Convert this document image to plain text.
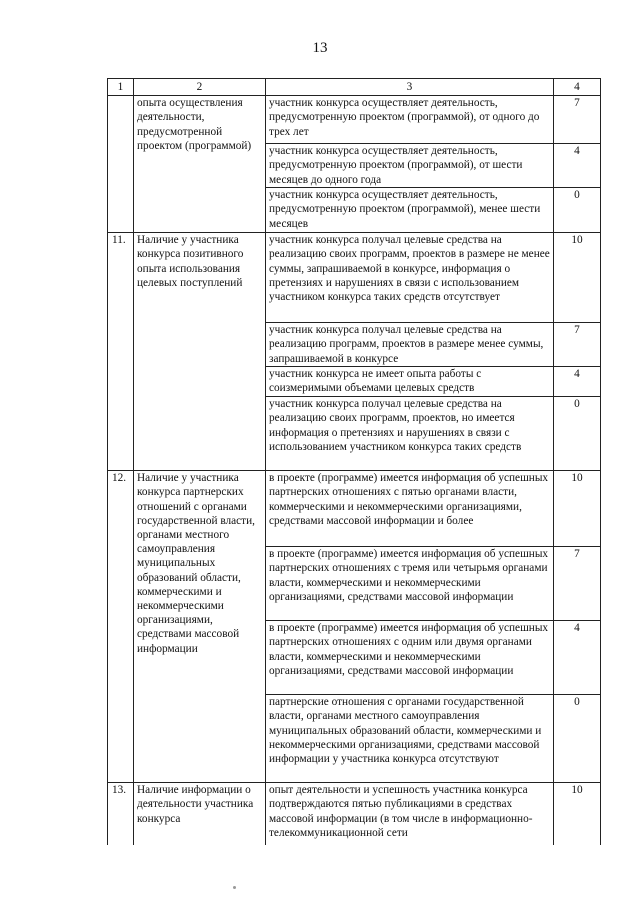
13
1	2	3	4
	опыта осуществления деятельности, предусмотренной проектом (программой)	участник конкурса осуществляет деятельность, предусмотренную проектом (программой), от одного до трех лет	7
		участник конкурса осуществляет деятельность, предусмотренную проектом (программой), от шести месяцев до одного года	4
		участник конкурса осуществляет деятельность, предусмотренную проектом (программой), менее шести месяцев	0
11.	Наличие у участника конкурса позитивного опыта использования целевых поступлений	участник конкурса получал целевые средства на реализацию своих программ, проектов в размере не менее суммы, запрашиваемой в конкурсе, информация о претензиях и нарушениях в связи с использованием участником конкурса таких средств отсутствует	10
		участник конкурса получал целевые средства на реализацию программ, проектов в размере менее суммы, запрашиваемой в конкурсе	7
		участник конкурса не имеет опыта работы с соизмеримыми объемами целевых средств	4
		участник конкурса получал целевые средства на реализацию своих программ, проектов, но имеется информация о претензиях и нарушениях в связи с использованием участником конкурса таких средств	0
12.	Наличие у участника конкурса партнерских отношений с органами государственной власти, органами местного самоуправления муниципальных образований области, коммерческими и некоммерческими организациями, средствами массовой информации	в проекте (программе) имеется информация об успешных партнерских отношениях с пятью органами власти, коммерческими и некоммерческими организациями, средствами массовой информации и более	10
		в проекте (программе) имеется информация об успешных партнерских отношениях с тремя или четырьмя органами власти, коммерческими и некоммерческими организациями, средствами массовой информации	7
		в проекте (программе) имеется информация об успешных партнерских отношениях с одним или двумя органами власти, коммерческими и некоммерческими организациями, средствами массовой информации	4
		партнерские отношения с органами государственной власти, органами местного самоуправления муниципальных образований области, коммерческими и некоммерческими организациями, средствами массовой информации у участника конкурса отсутствуют	0
13.	Наличие информации о деятельности участника конкурса	опыт деятельности и успешность участника конкурса подтверждаются пятью публикациями в средствах массовой информации (в том числе в информационно-телекоммуникационной сети	10
